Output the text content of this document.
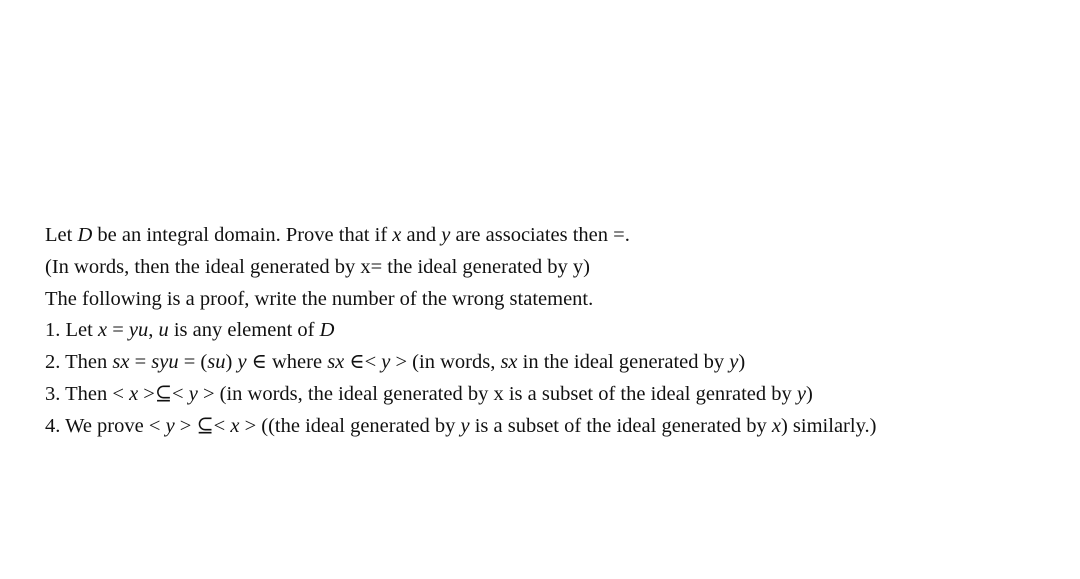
Let D be an integral domain. Prove that if x and y are associates then =.
(In words, then the ideal generated by x= the ideal generated by y)
The following is a proof, write the number of the wrong statement.
1. Let x = yu, u is any element of D
2. Then sx = syu = (su) y ∈ where sx ∈< y > (in words, sx in the ideal generated by y)
3. Then < x >⊆< y > (in words, the ideal generated by x is a subset of the ideal genrated by y)
4. We prove < y > ⊆< x > ((the ideal generated by y is a subset of the ideal generated by x) similarly.)
